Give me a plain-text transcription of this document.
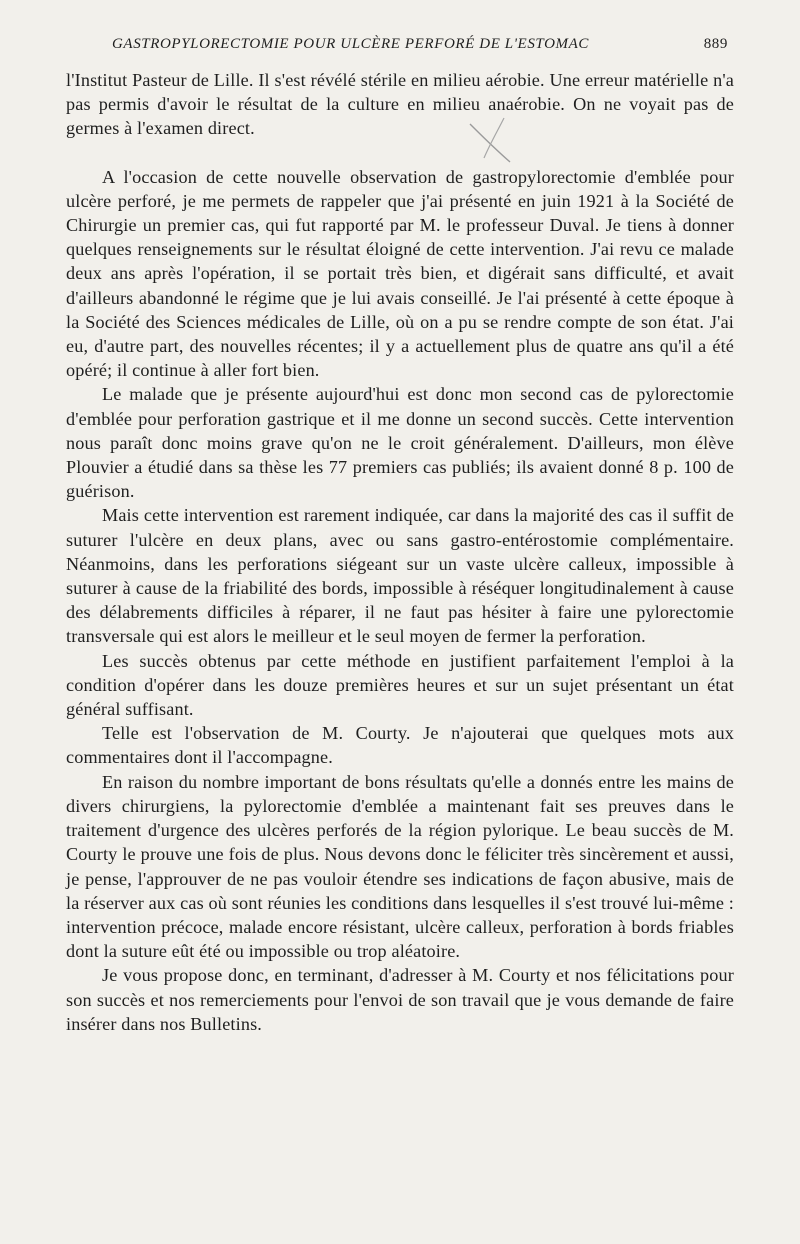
GASTROPYLORECTOMIE POUR ULCÈRE PERFORÉ DE L'ESTOMAC	889

l'Institut Pasteur de Lille. Il s'est révélé stérile en milieu aérobie. Une erreur matérielle n'a pas permis d'avoir le résultat de la culture en milieu anaérobie. On ne voyait pas de germes à l'examen direct.

A l'occasion de cette nouvelle observation de gastropylorectomie d'emblée pour ulcère perforé, je me permets de rappeler que j'ai présenté en juin 1921 à la Société de Chirurgie un premier cas, qui fut rapporté par M. le professeur Duval. Je tiens à donner quelques renseignements sur le résultat éloigné de cette intervention. J'ai revu ce malade deux ans après l'opération, il se portait très bien, et digérait sans difficulté, et avait d'ailleurs abandonné le régime que je lui avais conseillé. Je l'ai présenté à cette époque à la Société des Sciences médicales de Lille, où on a pu se rendre compte de son état. J'ai eu, d'autre part, des nouvelles récentes; il y a actuellement plus de quatre ans qu'il a été opéré; il continue à aller fort bien.

Le malade que je présente aujourd'hui est donc mon second cas de pylorectomie d'emblée pour perforation gastrique et il me donne un second succès. Cette intervention nous paraît donc moins grave qu'on ne le croit généralement. D'ailleurs, mon élève Plouvier a étudié dans sa thèse les 77 premiers cas publiés; ils avaient donné 8 p. 100 de guérison.

Mais cette intervention est rarement indiquée, car dans la majorité des cas il suffit de suturer l'ulcère en deux plans, avec ou sans gastro-entérostomie complémentaire. Néanmoins, dans les perforations siégeant sur un vaste ulcère calleux, impossible à suturer à cause de la friabilité des bords, impossible à réséquer longitudinalement à cause des délabrements difficiles à réparer, il ne faut pas hésiter à faire une pylorectomie transversale qui est alors le meilleur et le seul moyen de fermer la perforation.

Les succès obtenus par cette méthode en justifient parfaitement l'emploi à la condition d'opérer dans les douze premières heures et sur un sujet présentant un état général suffisant.

Telle est l'observation de M. Courty. Je n'ajouterai que quelques mots aux commentaires dont il l'accompagne.

En raison du nombre important de bons résultats qu'elle a donnés entre les mains de divers chirurgiens, la pylorectomie d'emblée a maintenant fait ses preuves dans le traitement d'urgence des ulcères perforés de la région pylorique. Le beau succès de M. Courty le prouve une fois de plus. Nous devons donc le féliciter très sincèrement et aussi, je pense, l'approuver de ne pas vouloir étendre ses indications de façon abusive, mais de la réserver aux cas où sont réunies les conditions dans lesquelles il s'est trouvé lui-même : intervention précoce, malade encore résistant, ulcère calleux, perforation à bords friables dont la suture eût été ou impossible ou trop aléatoire.

Je vous propose donc, en terminant, d'adresser à M. Courty et nos félicitations pour son succès et nos remerciements pour l'envoi de son travail que je vous demande de faire insérer dans nos Bulletins.
